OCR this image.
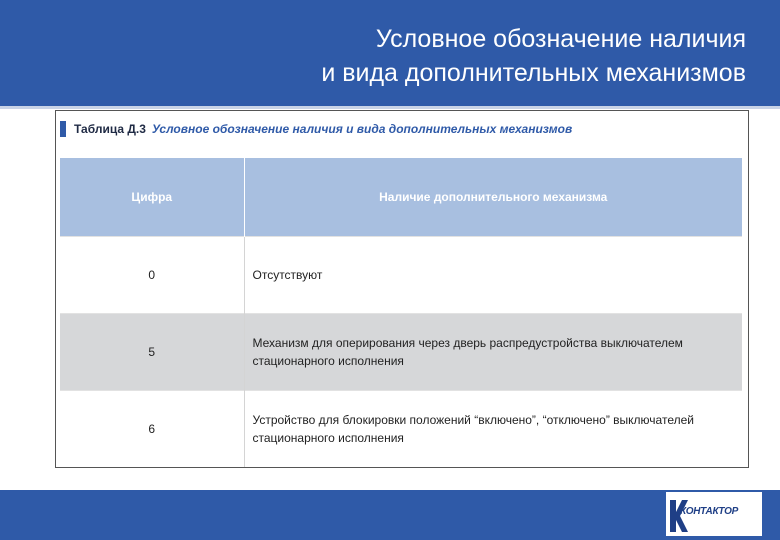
Условное обозначение наличия
и вида дополнительных механизмов
Таблица Д.3 Условное обозначение наличия и вида дополнительных механизмов
Цифра	Наличие дополнительного механизма
0	Отсутствуют
5	Механизм для оперирования через дверь распредустройства выключателем стационарного исполнения
6	Устройство для блокировки положений “включено”, “отключено” выключателей стационарного исполнения
КОНТАКТОР
